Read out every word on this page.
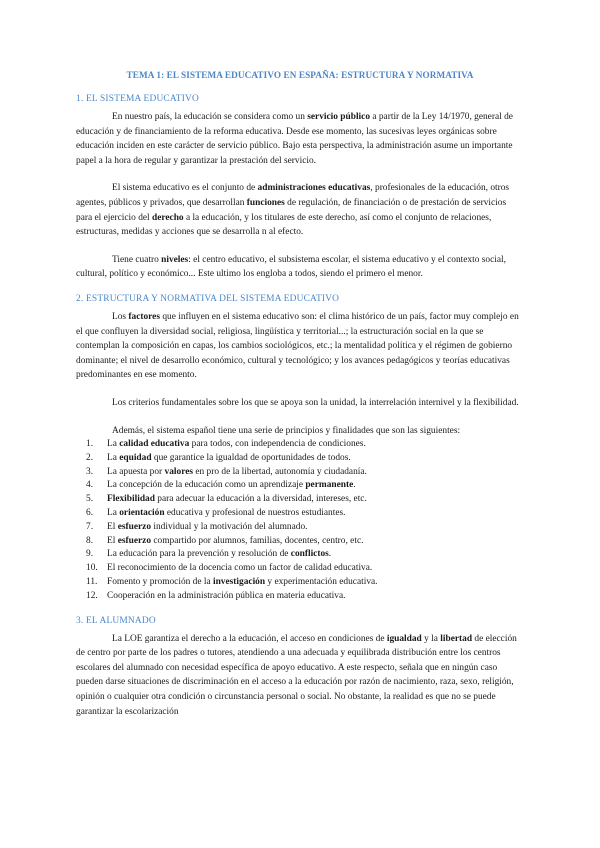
TEMA 1: EL SISTEMA EDUCATIVO EN ESPAÑA: ESTRUCTURA Y NORMATIVA
1. EL SISTEMA EDUCATIVO

En nuestro país, la educación se considera como un servicio público a partir de la Ley 14/1970, general de educación y de financiamiento de la reforma educativa. Desde ese momento, las sucesivas leyes orgánicas sobre educación inciden en este carácter de servicio público. Bajo esta perspectiva, la administración asume un importante papel a la hora de regular y garantizar la prestación del servicio.

El sistema educativo es el conjunto de administraciones educativas, profesionales de la educación, otros agentes, públicos y privados, que desarrollan funciones de regulación, de financiación o de prestación de servicios para el ejercicio del derecho a la educación, y los titulares de este derecho, así como el conjunto de relaciones, estructuras, medidas y acciones que se desarrolla n al efecto.

Tiene cuatro niveles: el centro educativo, el subsistema escolar, el sistema educativo y el contexto social, cultural, político y económico... Este ultimo los engloba a todos, siendo el primero el menor.

2. ESTRUCTURA Y NORMATIVA DEL SISTEMA EDUCATIVO

Los factores que influyen en el sistema educativo son: el clima histórico de un país, factor muy complejo en el que confluyen la diversidad social, religiosa, lingüística y territorial...; la estructuración social en la que se contemplan la composición en capas, los cambios sociológicos, etc.; la mentalidad política y el régimen de gobierno dominante; el nivel de desarrollo económico, cultural y tecnológico; y los avances pedagógicos y teorías educativas predominantes en ese momento.

Los criterios fundamentales sobre los que se apoya son la unidad, la interrelación internivel y la flexibilidad.

Además, el sistema español tiene una serie de principios y finalidades que son las siguientes:

1. La calidad educativa para todos, con independencia de condiciones.
2. La equidad que garantice la igualdad de oportunidades de todos.
3. La apuesta por valores en pro de la libertad, autonomía y ciudadanía.
4. La concepción de la educación como un aprendizaje permanente.
5. Flexibilidad para adecuar la educación a la diversidad, intereses, etc.
6. La orientación educativa y profesional de nuestros estudiantes.
7. El esfuerzo individual y la motivación del alumnado.
8. El esfuerzo compartido por alumnos, familias, docentes, centro, etc.
9. La educación para la prevención y resolución de conflictos.
10. El reconocimiento de la docencia como un factor de calidad educativa.
11. Fomento y promoción de la investigación y experimentación educativa.
12. Cooperación en la administración pública en materia educativa.
3. EL ALUMNADO

La LOE garantiza el derecho a la educación, el acceso en condiciones de igualdad y la libertad de elección de centro por parte de los padres o tutores, atendiendo a una adecuada y equilibrada distribución entre los centros escolares del alumnado con necesidad específica de apoyo educativo. A este respecto, señala que en ningún caso pueden darse situaciones de discriminación en el acceso a la educación por razón de nacimiento, raza, sexo, religión, opinión o cualquier otra condición o circunstancia personal o social. No obstante, la realidad es que no se puede garantizar la escolarización
